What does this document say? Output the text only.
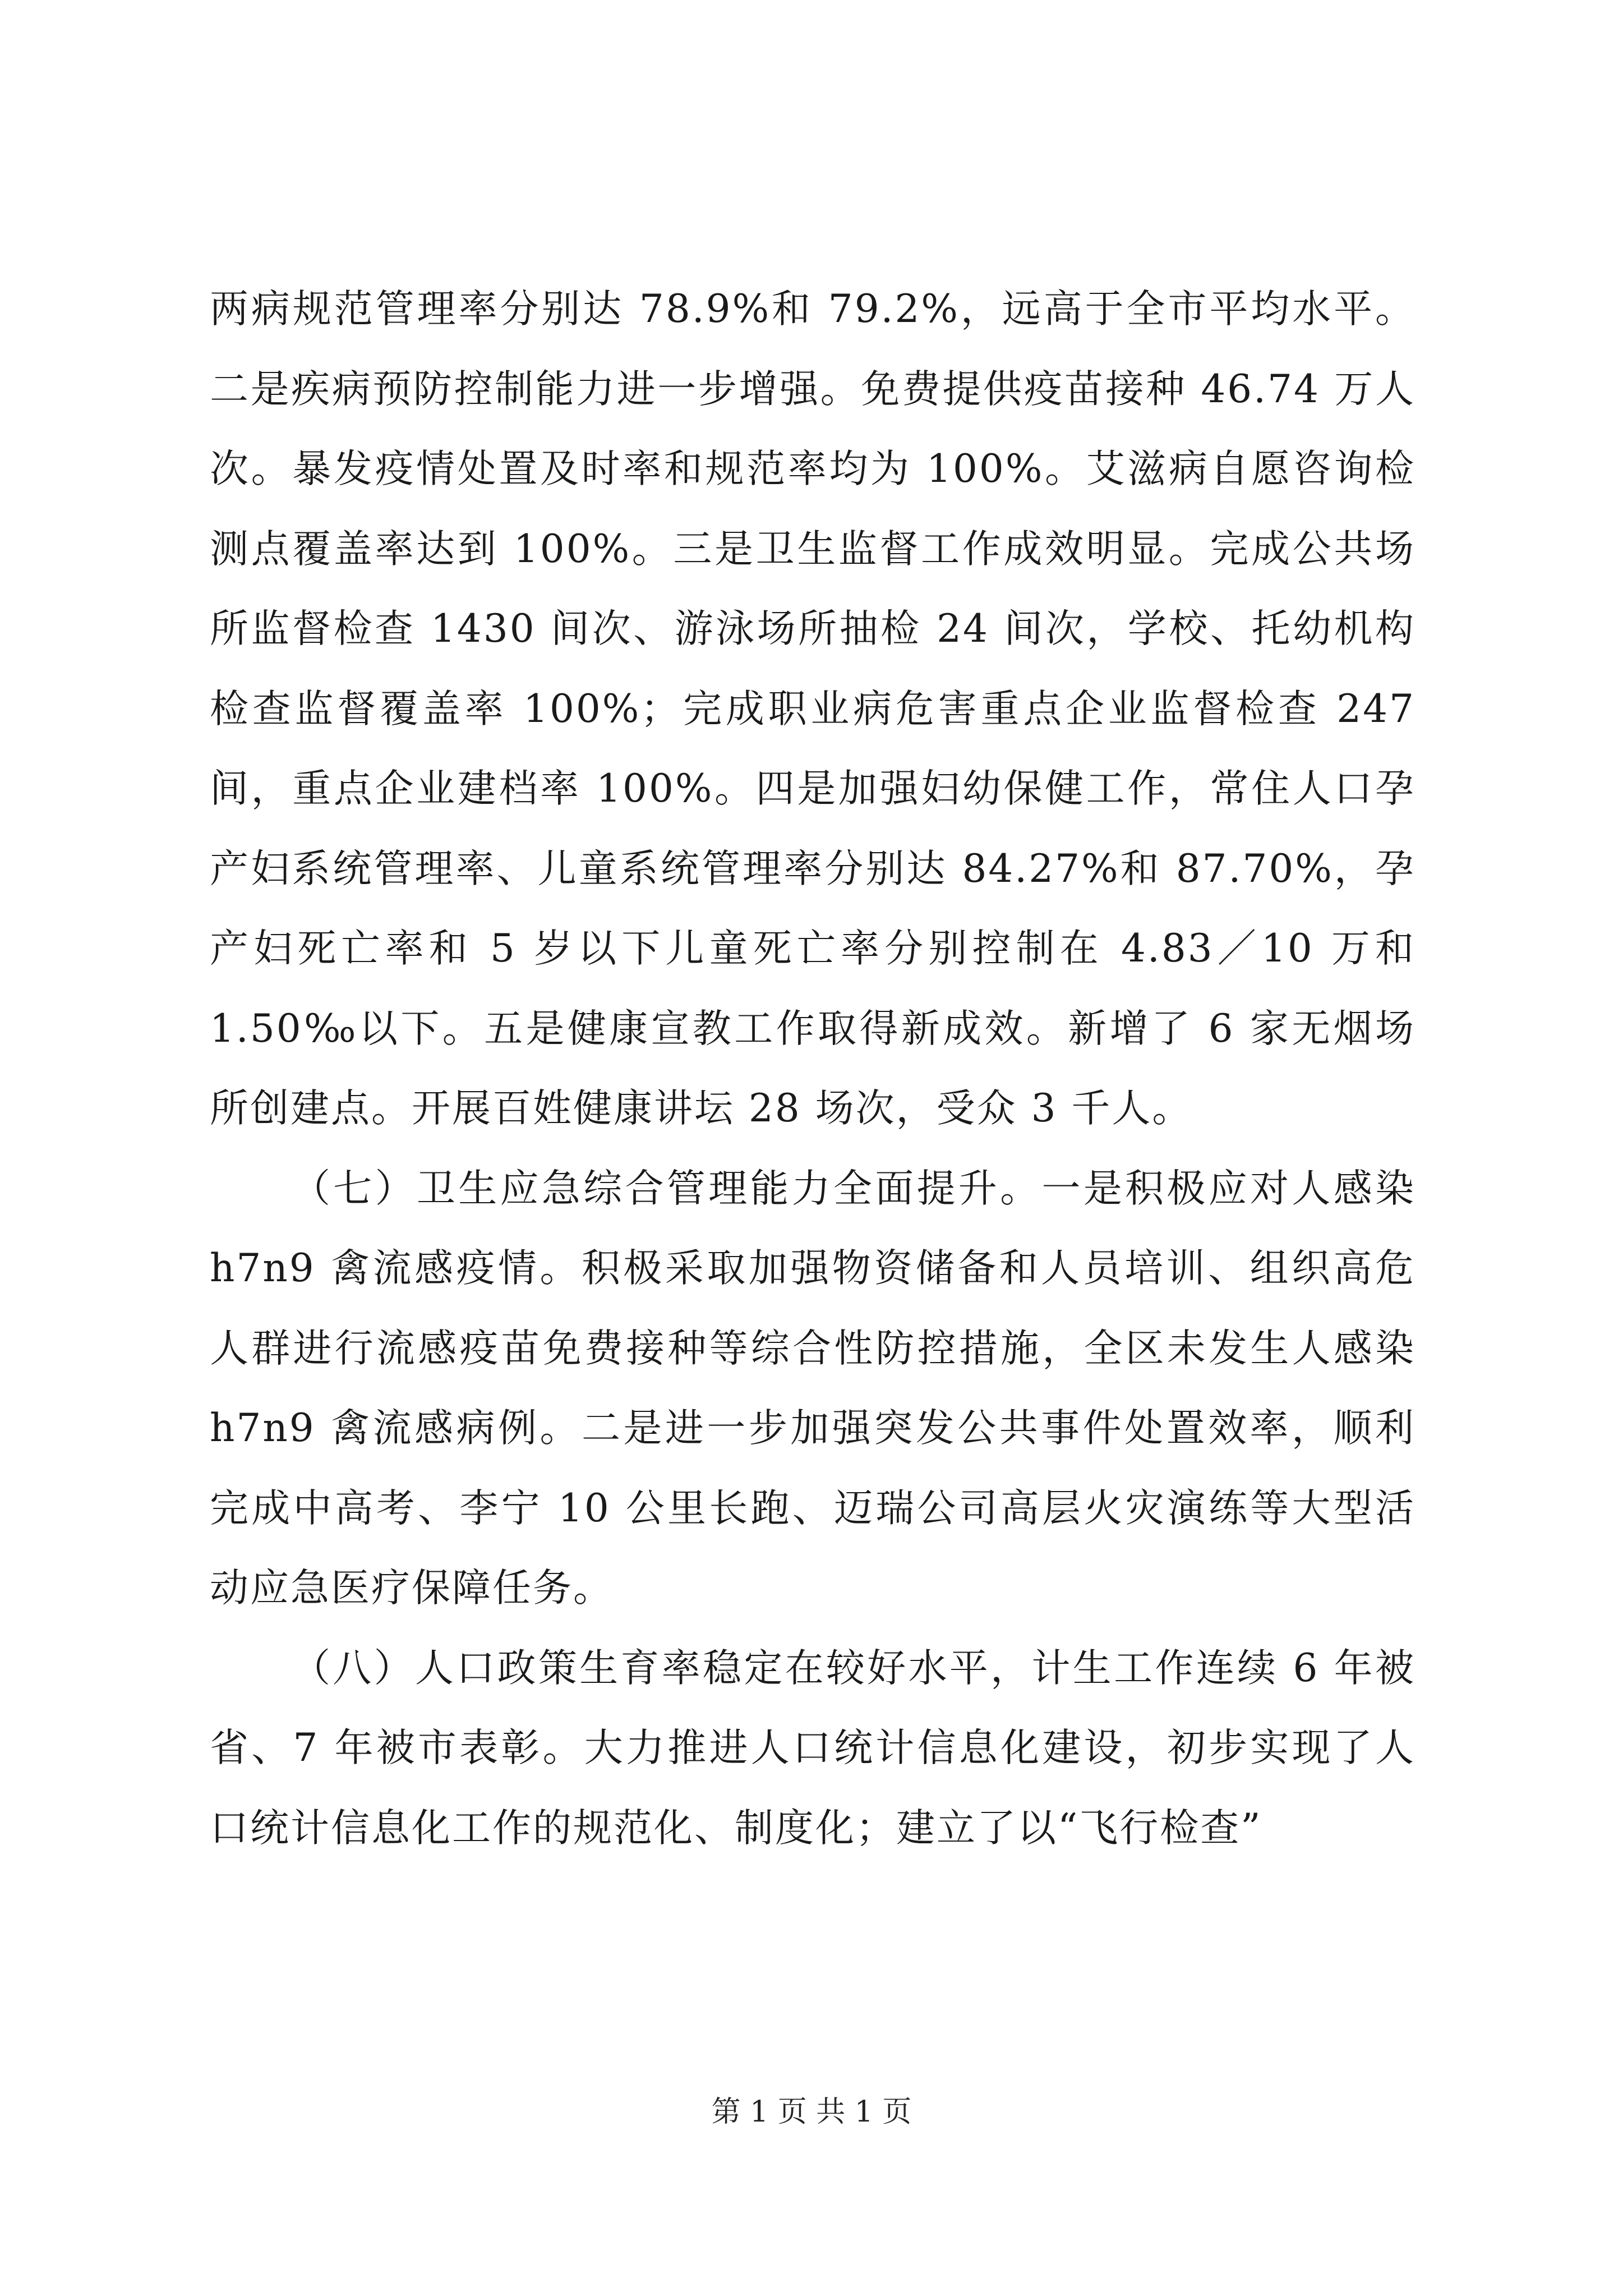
两病规范管理率分别达 78.9%和 79.2%，远高于全市平均水平。二是疾病预防控制能力进一步增强。免费提供疫苗接种 46.74 万人次。暴发疫情处置及时率和规范率均为 100%。艾滋病自愿咨询检测点覆盖率达到 100%。三是卫生监督工作成效明显。完成公共场所监督检查 1430 间次、游泳场所抽检 24 间次，学校、托幼机构检查监督覆盖率 100%；完成职业病危害重点企业监督检查 247 间，重点企业建档率 100%。四是加强妇幼保健工作，常住人口孕产妇系统管理率、儿童系统管理率分别达 84.27%和 87.70%，孕产妇死亡率和 5 岁以下儿童死亡率分别控制在 4.83／10 万和 1.50‰以下。五是健康宣教工作取得新成效。新增了 6 家无烟场所创建点。开展百姓健康讲坛 28 场次，受众 3 千人。

（七）卫生应急综合管理能力全面提升。一是积极应对人感染 h7n9 禽流感疫情。积极采取加强物资储备和人员培训、组织高危人群进行流感疫苗免费接种等综合性防控措施，全区未发生人感染 h7n9 禽流感病例。二是进一步加强突发公共事件处置效率，顺利完成中高考、李宁 10 公里长跑、迈瑞公司高层火灾演练等大型活动应急医疗保障任务。

（八）人口政策生育率稳定在较好水平，计生工作连续 6 年被省、7 年被市表彰。大力推进人口统计信息化建设，初步实现了人口统计信息化工作的规范化、制度化；建立了以“飞行检查”

第 1 页 共 1 页
